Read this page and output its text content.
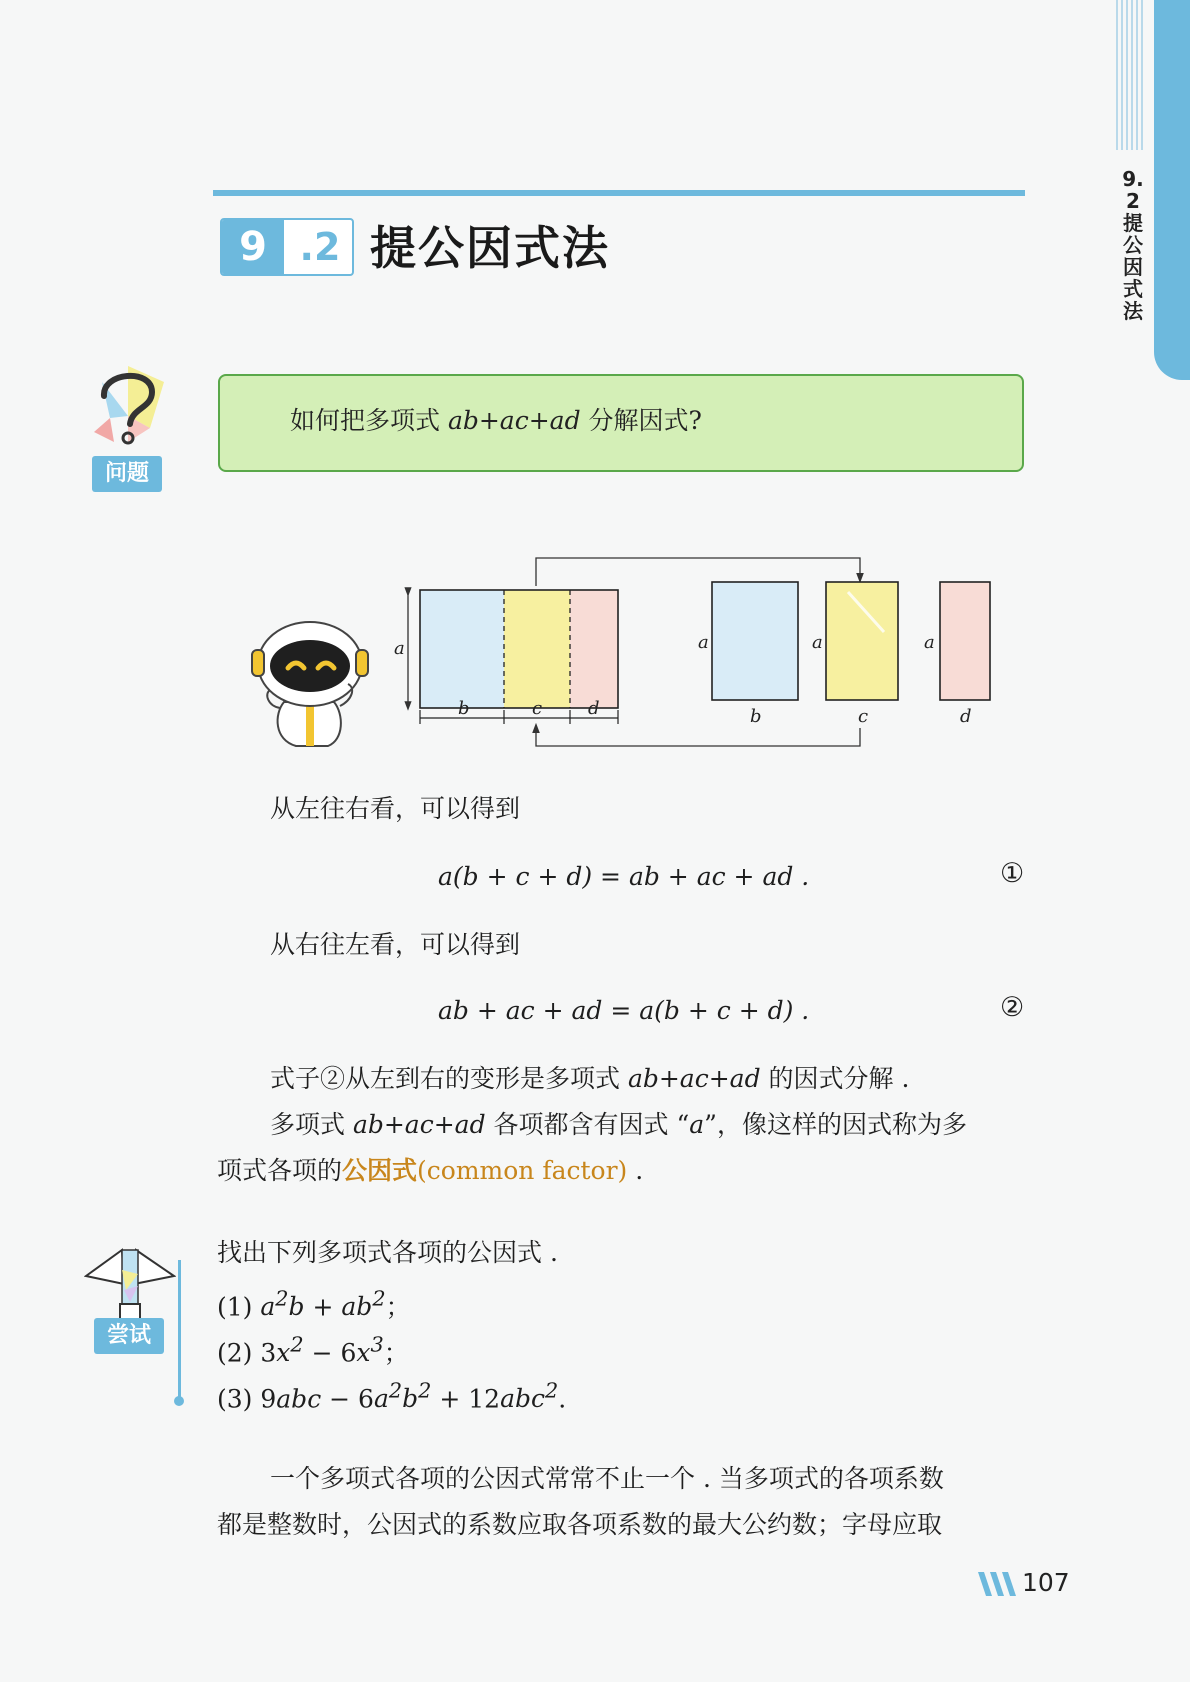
9.2 提公因式法
9 .2 提公因式法
问题
如何把多项式 ab+ac+ad 分解因式?
a
b	c	d
a	a	a
b	c	d
从左往右看，可以得到
a(b + c + d) = ab + ac + ad .	①
从右往左看，可以得到
ab + ac + ad = a(b + c + d) .	②
式子②从左到右的变形是多项式 ab+ac+ad 的因式分解 .
多项式 ab+ac+ad 各项都含有因式 “a”，像这样的因式称为多
项式各项的公因式(common factor) .
尝试
找出下列多项式各项的公因式 .
(1) $a^2b + ab^2$；
(2) $3x^2 - 6x^3$；
(3) $9abc - 6a^2b^2 + 12abc^2$.
一个多项式各项的公因式常常不止一个 . 当多项式的各项系数
都是整数时，公因式的系数应取各项系数的最大公约数；字母应取
107
